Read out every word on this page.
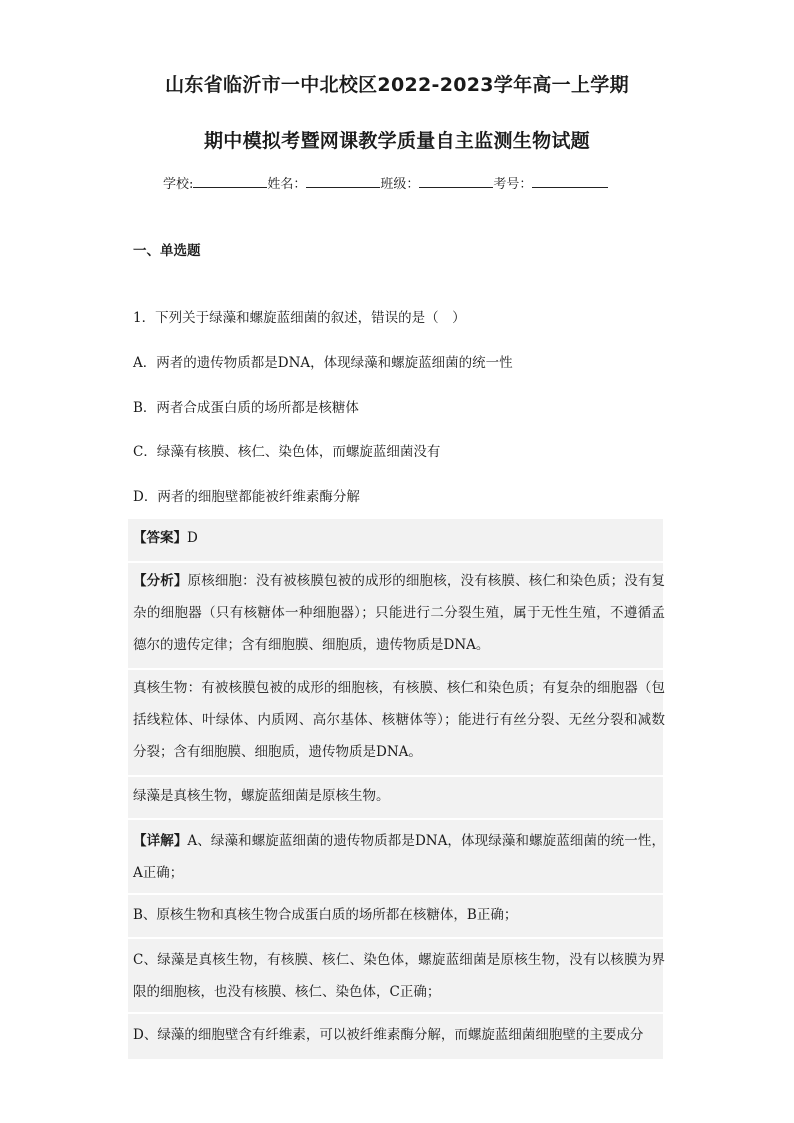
山东省临沂市一中北校区2022-2023学年高一上学期
期中模拟考暨网课教学质量自主监测生物试题
学校:	姓名：	班级：	考号：
一、单选题
1．下列关于绿藻和螺旋蓝细菌的叙述，错误的是（　）
A．两者的遗传物质都是DNA，体现绿藻和螺旋蓝细菌的统一性
B．两者合成蛋白质的场所都是核糖体
C．绿藻有核膜、核仁、染色体，而螺旋蓝细菌没有
D．两者的细胞壁都能被纤维素酶分解
【答案】D
【分析】原核细胞：没有被核膜包被的成形的细胞核，没有核膜、核仁和染色质；没有复杂的细胞器（只有核糖体一种细胞器）；只能进行二分裂生殖，属于无性生殖，不遵循孟德尔的遗传定律；含有细胞膜、细胞质，遗传物质是DNA。
真核生物：有被核膜包被的成形的细胞核，有核膜、核仁和染色质；有复杂的细胞器（包括线粒体、叶绿体、内质网、高尔基体、核糖体等）；能进行有丝分裂、无丝分裂和减数分裂；含有细胞膜、细胞质，遗传物质是DNA。
绿藻是真核生物，螺旋蓝细菌是原核生物。
【详解】A、绿藻和螺旋蓝细菌的遗传物质都是DNA，体现绿藻和螺旋蓝细菌的统一性，A正确；
B、原核生物和真核生物合成蛋白质的场所都在核糖体，B正确；
C、绿藻是真核生物，有核膜、核仁、染色体，螺旋蓝细菌是原核生物，没有以核膜为界限的细胞核，也没有核膜、核仁、染色体，C正确；
D、绿藻的细胞壁含有纤维素，可以被纤维素酶分解，而螺旋蓝细菌细胞壁的主要成分
